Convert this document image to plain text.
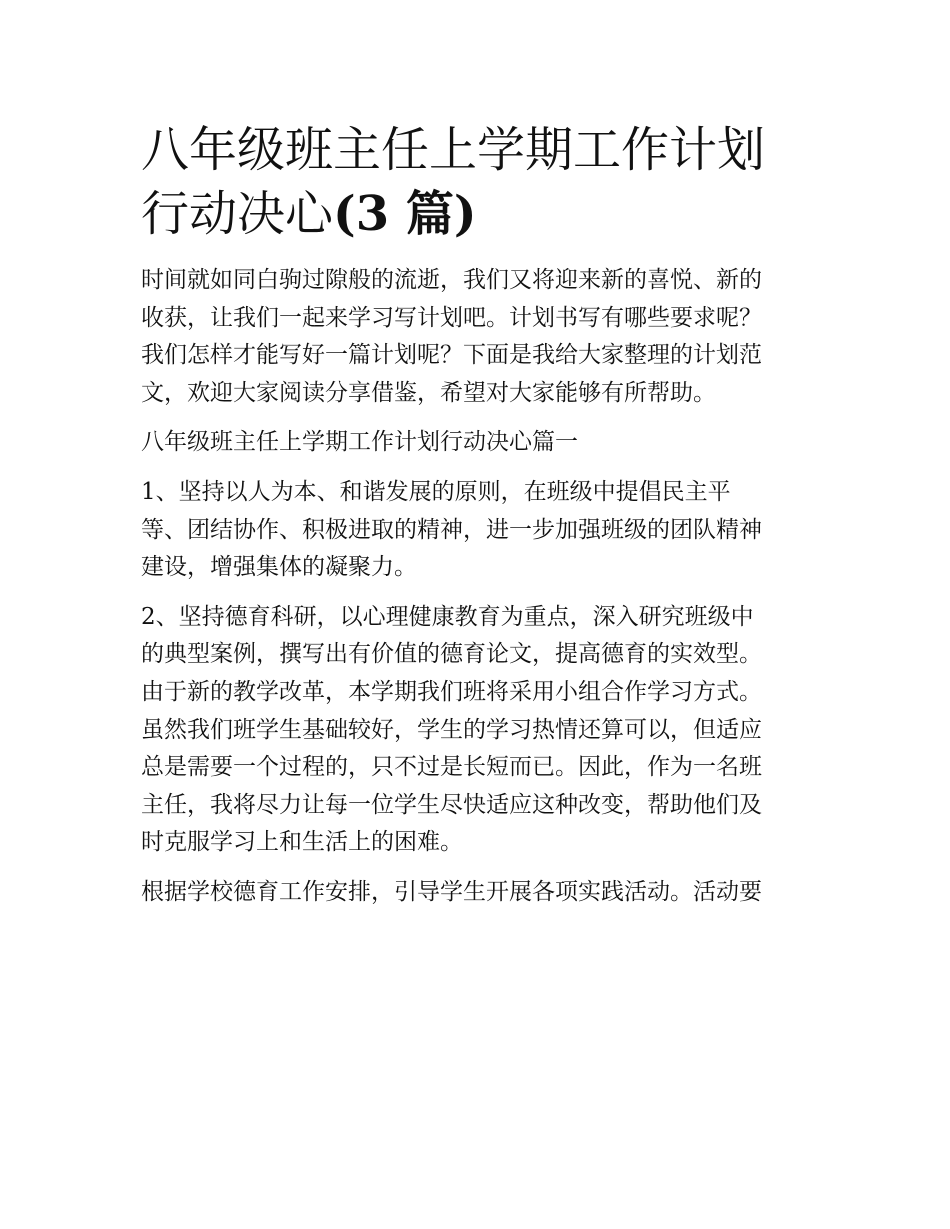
八年级班主任上学期工作计划
行动决心(3 篇)

时间就如同白驹过隙般的流逝，我们又将迎来新的喜悦、新的
收获，让我们一起来学习写计划吧。计划书写有哪些要求呢？
我们怎样才能写好一篇计划呢？下面是我给大家整理的计划范
文，欢迎大家阅读分享借鉴，希望对大家能够有所帮助。

八年级班主任上学期工作计划行动决心篇一

1、坚持以人为本、和谐发展的原则，在班级中提倡民主平
等、团结协作、积极进取的精神，进一步加强班级的团队精神
建设，增强集体的凝聚力。

2、坚持德育科研，以心理健康教育为重点，深入研究班级中
的典型案例，撰写出有价值的德育论文，提高德育的实效型。
由于新的教学改革，本学期我们班将采用小组合作学习方式。
虽然我们班学生基础较好，学生的学习热情还算可以，但适应
总是需要一个过程的，只不过是长短而已。因此，作为一名班
主任，我将尽力让每一位学生尽快适应这种改变，帮助他们及
时克服学习上和生活上的困难。

根据学校德育工作安排，引导学生开展各项实践活动。活动要
